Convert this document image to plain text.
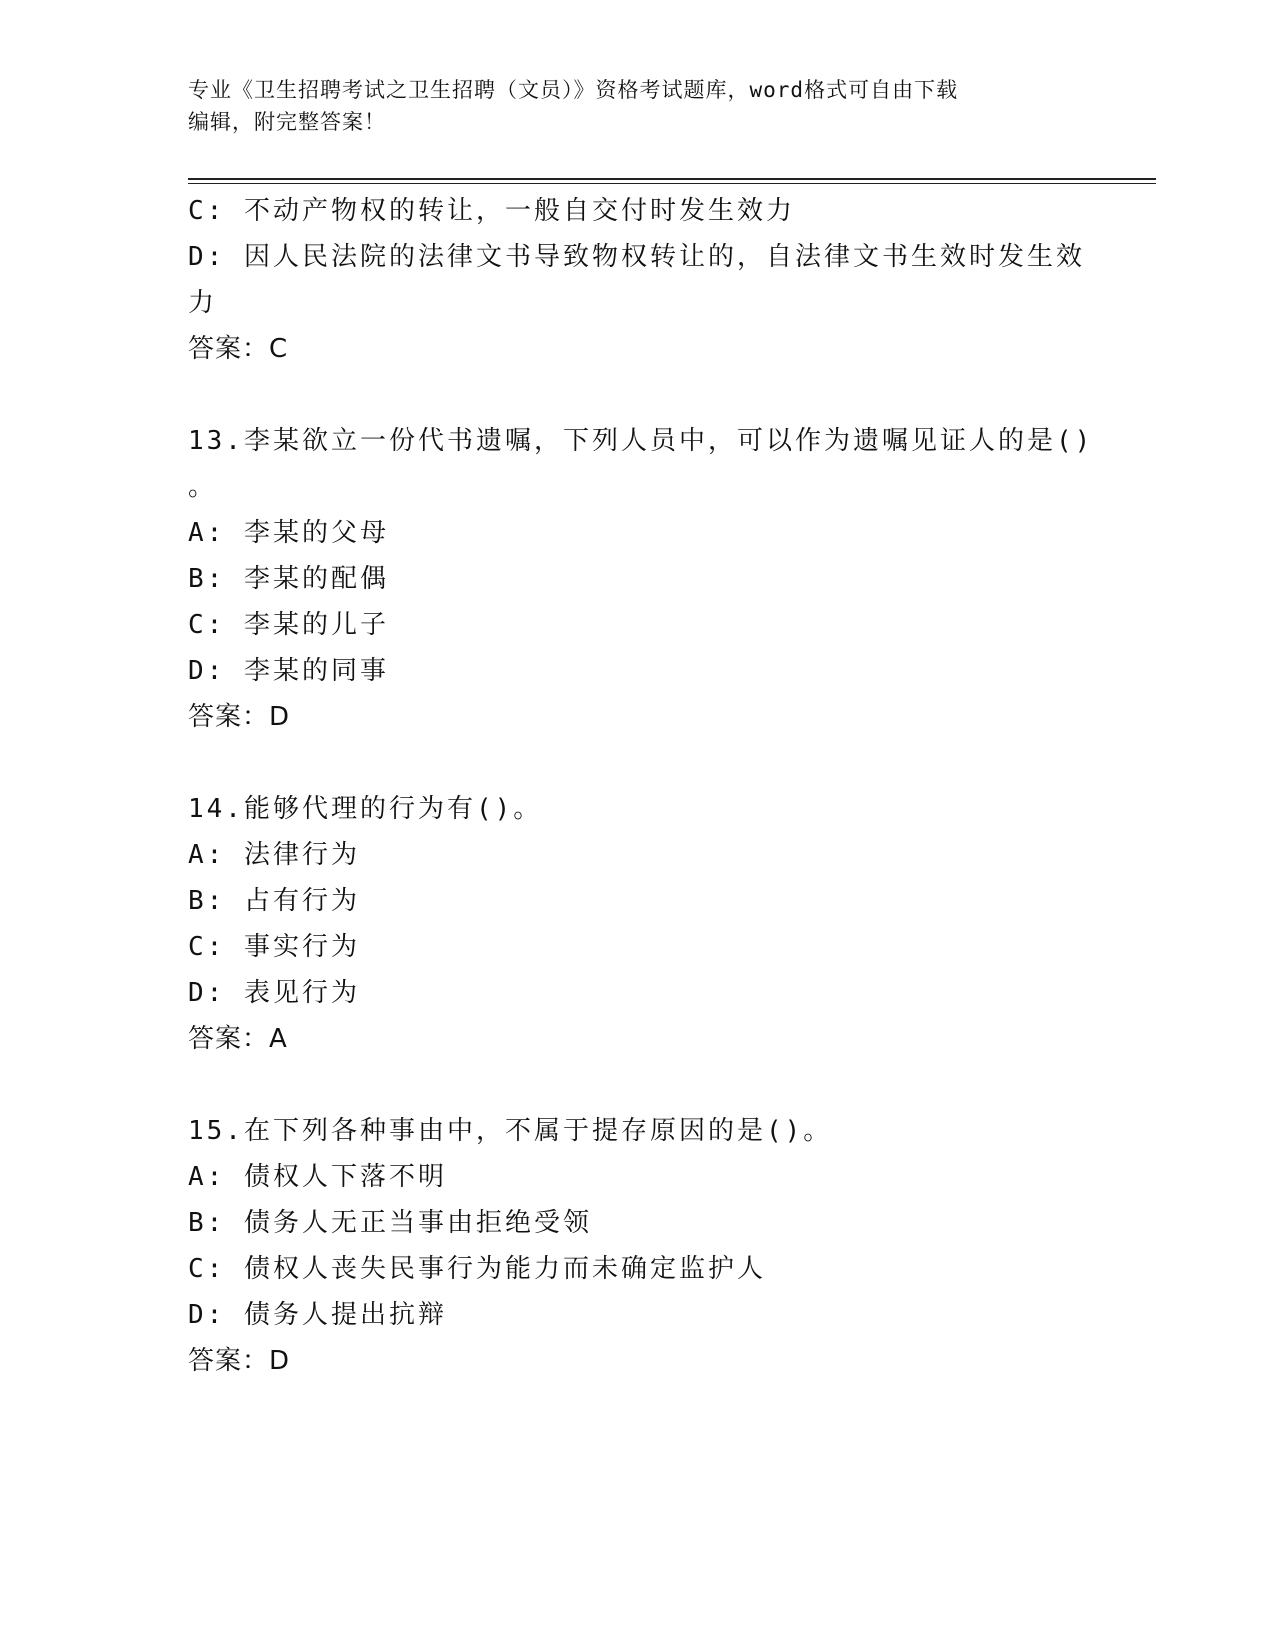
专业《卫生招聘考试之卫生招聘（文员）》资格考试题库，word格式可自由下载
编辑，附完整答案！
C: 不动产物权的转让，一般自交付时发生效力
D: 因人民法院的法律文书导致物权转让的，自法律文书生效时发生效
力
答案：C
13.李某欲立一份代书遗嘱，下列人员中，可以作为遗嘱见证人的是()
。
A: 李某的父母
B: 李某的配偶
C: 李某的儿子
D: 李某的同事
答案：D
14.能够代理的行为有()。
A: 法律行为
B: 占有行为
C: 事实行为
D: 表见行为
答案：A
15.在下列各种事由中，不属于提存原因的是()。
A: 债权人下落不明
B: 债务人无正当事由拒绝受领
C: 债权人丧失民事行为能力而未确定监护人
D: 债务人提出抗辩
答案：D
